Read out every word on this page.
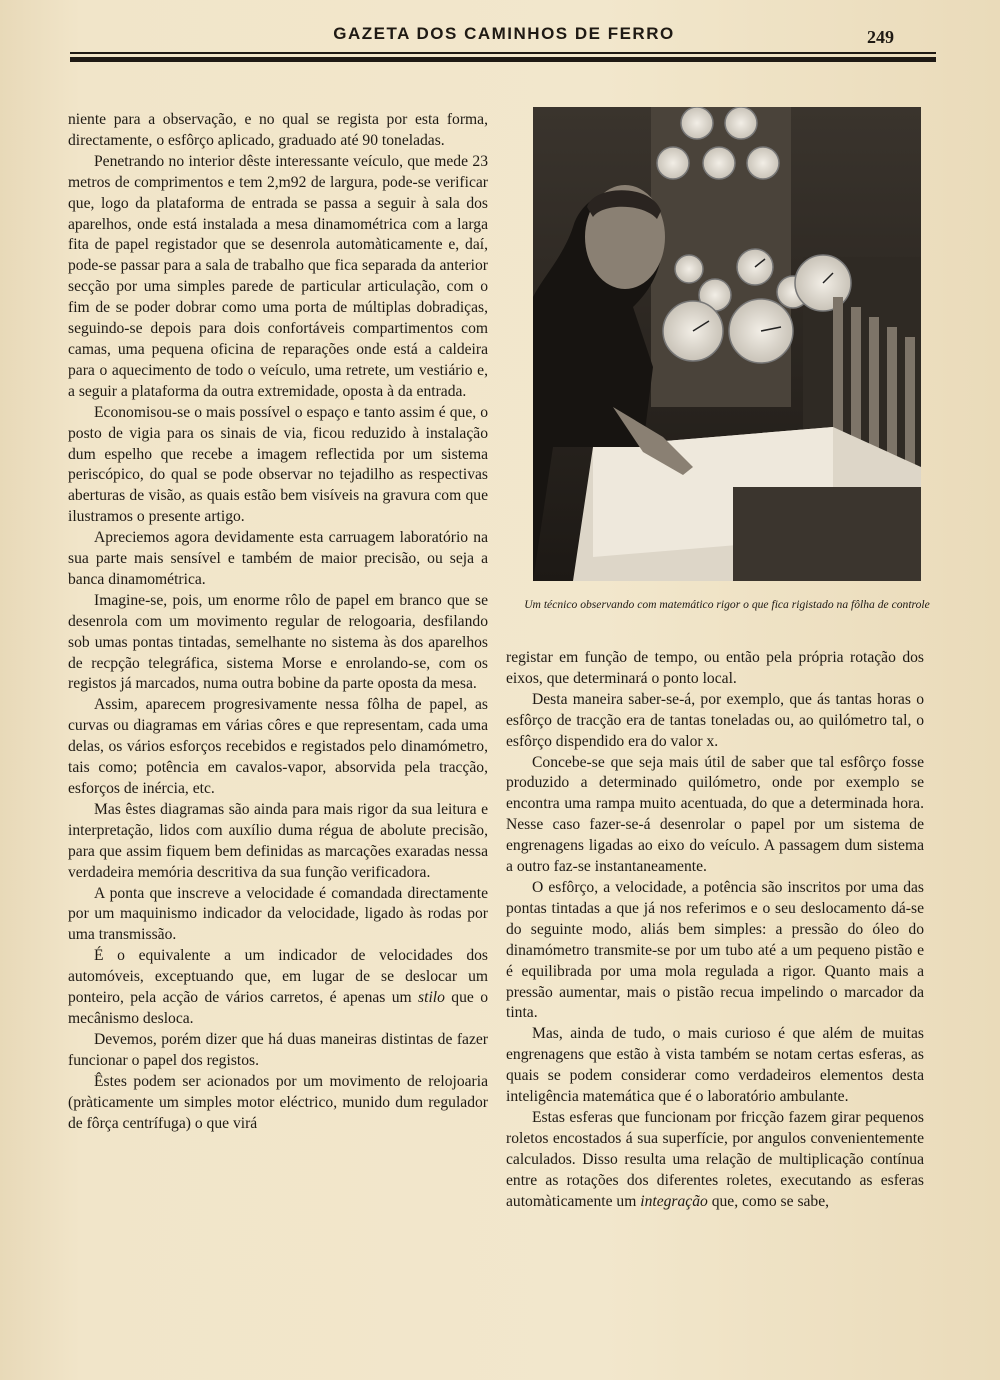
GAZETA DOS CAMINHOS DE FERRO	249

niente para a observação, e no qual se regista por esta forma, directamente, o esfôrço aplicado, graduado até 90 toneladas.

Penetrando no interior dêste interessante veículo, que mede 23 metros de comprimentos e tem 2,m92 de largura, pode-se verificar que, logo da plataforma de entrada se passa a seguir à sala dos aparelhos, onde está instalada a mesa dinamométrica com a larga fita de papel registador que se desenrola automàticamente e, daí, pode-se passar para a sala de trabalho que fica separada da anterior secção por uma simples parede de particular articulação, com o fim de se poder dobrar como uma porta de múltiplas dobradiças, seguindo-se depois para dois confortáveis compartimentos com camas, uma pequena oficina de reparações onde está a caldeira para o aquecimento de todo o veículo, uma retrete, um vestiário e, a seguir a plataforma da outra extremidade, oposta à da entrada.

Economisou-se o mais possível o espaço e tanto assim é que, o posto de vigia para os sinais de via, ficou reduzido à instalação dum espelho que recebe a imagem reflectida por um sistema periscópico, do qual se pode observar no tejadilho as respectivas aberturas de visão, as quais estão bem visíveis na gravura com que ilustramos o presente artigo.

Apreciemos agora devidamente esta carruagem laboratório na sua parte mais sensível e também de maior precisão, ou seja a banca dinamométrica.

Imagine-se, pois, um enorme rôlo de papel em branco que se desenrola com um movimento regular de relogoaria, desfilando sob umas pontas tintadas, semelhante no sistema às dos aparelhos de recpção telegráfica, sistema Morse e enrolando-se, com os registos já marcados, numa outra bobine da parte oposta da mesa.

Assim, aparecem progresivamente nessa fôlha de papel, as curvas ou diagramas em várias côres e que representam, cada uma delas, os vários esforços recebidos e registados pelo dinamómetro, tais como; potência em cavalos-vapor, absorvida pela tracção, esforços de inércia, etc.

Mas êstes diagramas são ainda para mais rigor da sua leitura e interpretação, lidos com auxílio duma régua de abolute precisão, para que assim fiquem bem definidas as marcações exaradas nessa verdadeira memória descritiva da sua função verificadora.

A ponta que inscreve a velocidade é comandada directamente por um maquinismo indicador da velocidade, ligado às rodas por uma transmissão.

É o equivalente a um indicador de velocidades dos automóveis, exceptuando que, em lugar de se deslocar um ponteiro, pela acção de vários carretos, é apenas um stilo que o mecânismo desloca.

Devemos, porém dizer que há duas maneiras distintas de fazer funcionar o papel dos registos.

Êstes podem ser acionados por um movimento de relojoaria (pràticamente um simples motor eléctrico, munido dum regulador de fôrça centrífuga) o que virá

Um técnico observando com matemático rigor o que fica rigistado na fôlha de controle

registar em função de tempo, ou então pela própria rotação dos eixos, que determinará o ponto local.

Desta maneira saber-se-á, por exemplo, que ás tantas horas o esfôrço de tracção era de tantas toneladas ou, ao quilómetro tal, o esfôrço dispendido era do valor x.

Concebe-se que seja mais útil de saber que tal esfôrço fosse produzido a determinado quilómetro, onde por exemplo se encontra uma rampa muito acentuada, do que a determinada hora. Nesse caso fazer-se-á desenrolar o papel por um sistema de engrenagens ligadas ao eixo do veículo. A passagem dum sistema a outro faz-se instantaneamente.

O esfôrço, a velocidade, a potência são inscritos por uma das pontas tintadas a que já nos referimos e o seu deslocamento dá-se do seguinte modo, aliás bem simples: a pressão do óleo do dinamómetro transmite-se por um tubo até a um pequeno pistão e é equilibrada por uma mola regulada a rigor. Quanto mais a pressão aumentar, mais o pistão recua impelindo o marcador da tinta.

Mas, ainda de tudo, o mais curioso é que além de muitas engrenagens que estão à vista também se notam certas esferas, as quais se podem considerar como verdadeiros elementos desta inteligência matemática que é o laboratório ambulante.

Estas esferas que funcionam por fricção fazem girar pequenos roletos encostados á sua superfície, por angulos convenientemente calculados. Disso resulta uma relação de multiplicação contínua entre as rotações dos diferentes roletes, executando as esferas automàticamente um integração que, como se sabe,
